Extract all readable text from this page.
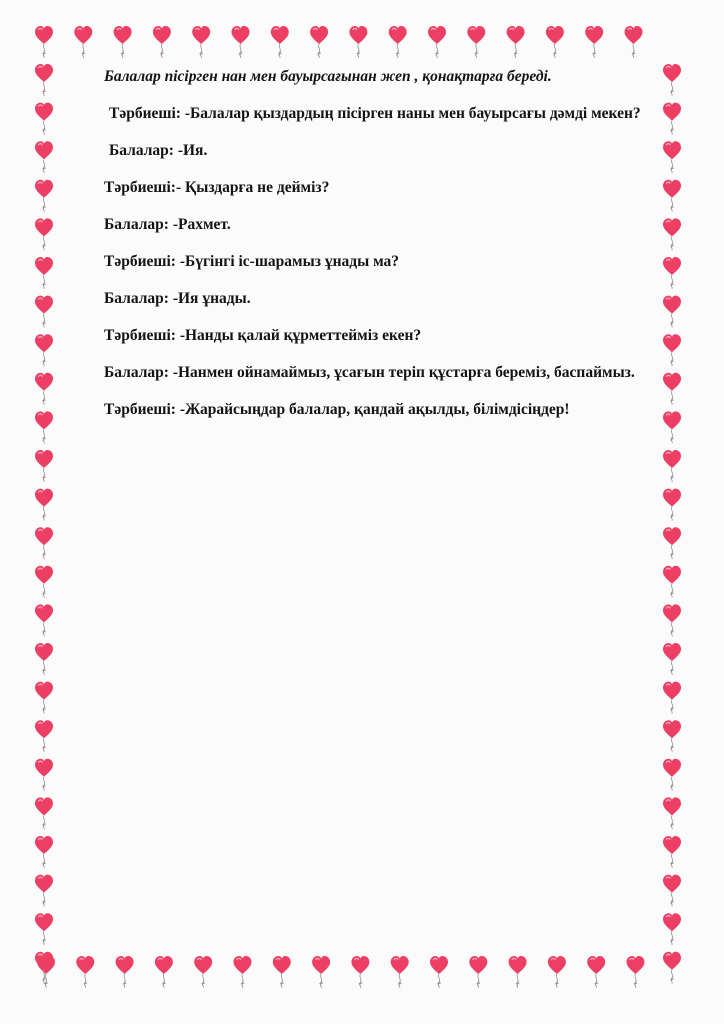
Балалар пісірген нан мен бауырсағынан жеп , қонақтарға береді.

Тәрбиеші : -Балалар қыздардың пісірген наны мен бауырсағы дәмді мекен?

Балалар : -Ия.

Тәрбиеші : - Қыздарға не дейміз?

Балалар : -Рахмет.

Тәрбиеші : -Бүгінгі іс-шарамыз ұнады ма?

Балалар : -Ия ұнады.

Тәрбиеші : -Нанды қалай құрметтейміз екен?

Балалар : -Нанмен ойнамаймыз, ұсағын теріп құстарға береміз, баспаймыз.

Тәрбиеші : -Жарайсыңдар балалар, қандай ақылды, білімдісіңдер!
